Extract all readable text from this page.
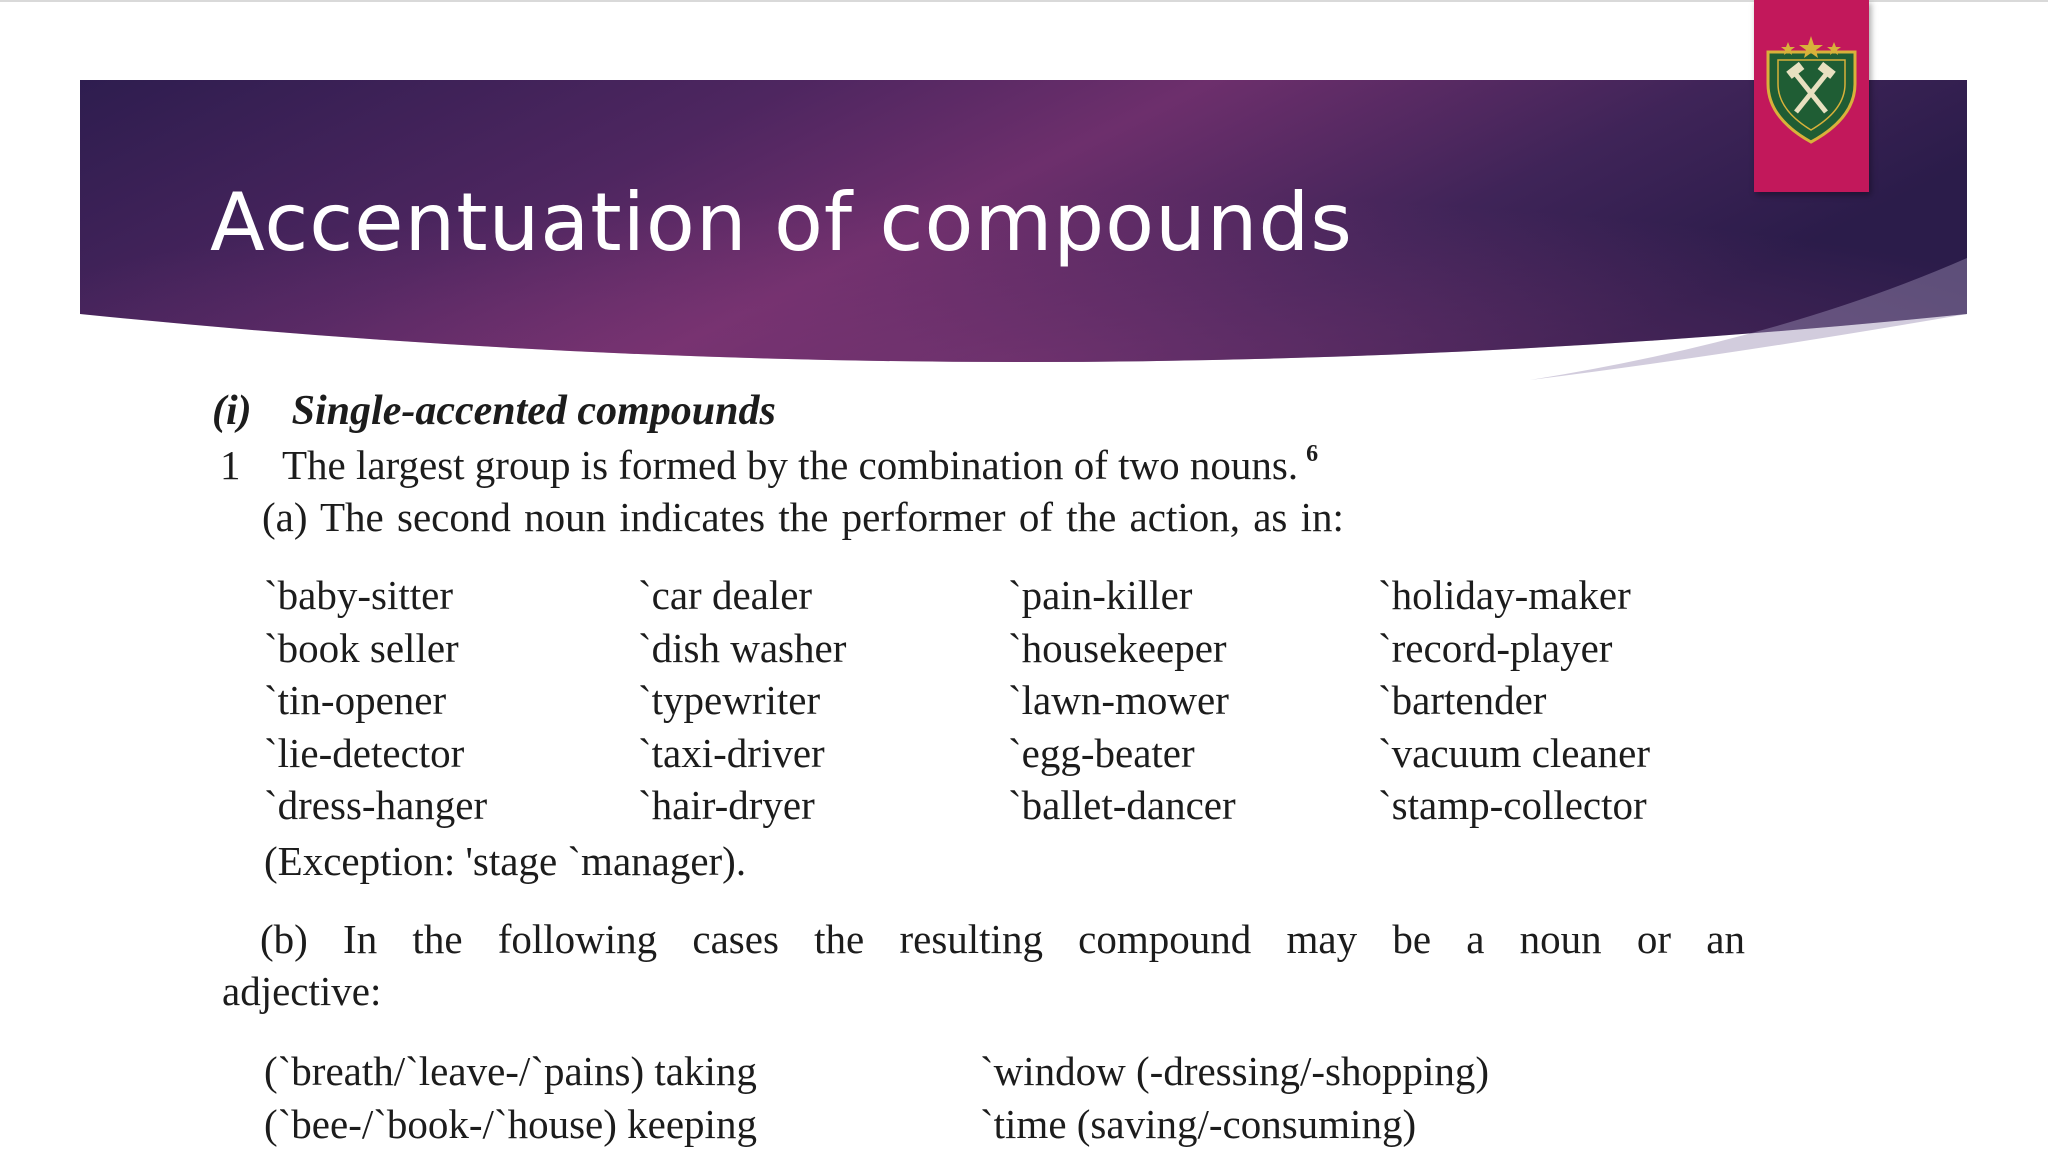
Accentuation of compounds
(i) Single-accented compounds
1 The largest group is formed by the combination of two nouns. $^6$
(a) The second noun indicates the performer of the action, as in:
`baby-sitter
`book seller
`tin-opener
`lie-detector
`dress-hanger
`car dealer
`dish washer
`typewriter
`taxi-driver
`hair-dryer
`pain-killer
`housekeeper
`lawn-mower
`egg-beater
`ballet-dancer
`holiday-maker
`record-player
`bartender
`vacuum cleaner
`stamp-collector
(Exception: 'stage `manager).
(b) In the following cases the resulting compound may be a noun or an
adjective:
(`breath/`leave-/`pains) taking
(`bee-/`book-/`house) keeping
`window (-dressing/-shopping)
`time (saving/-consuming)
